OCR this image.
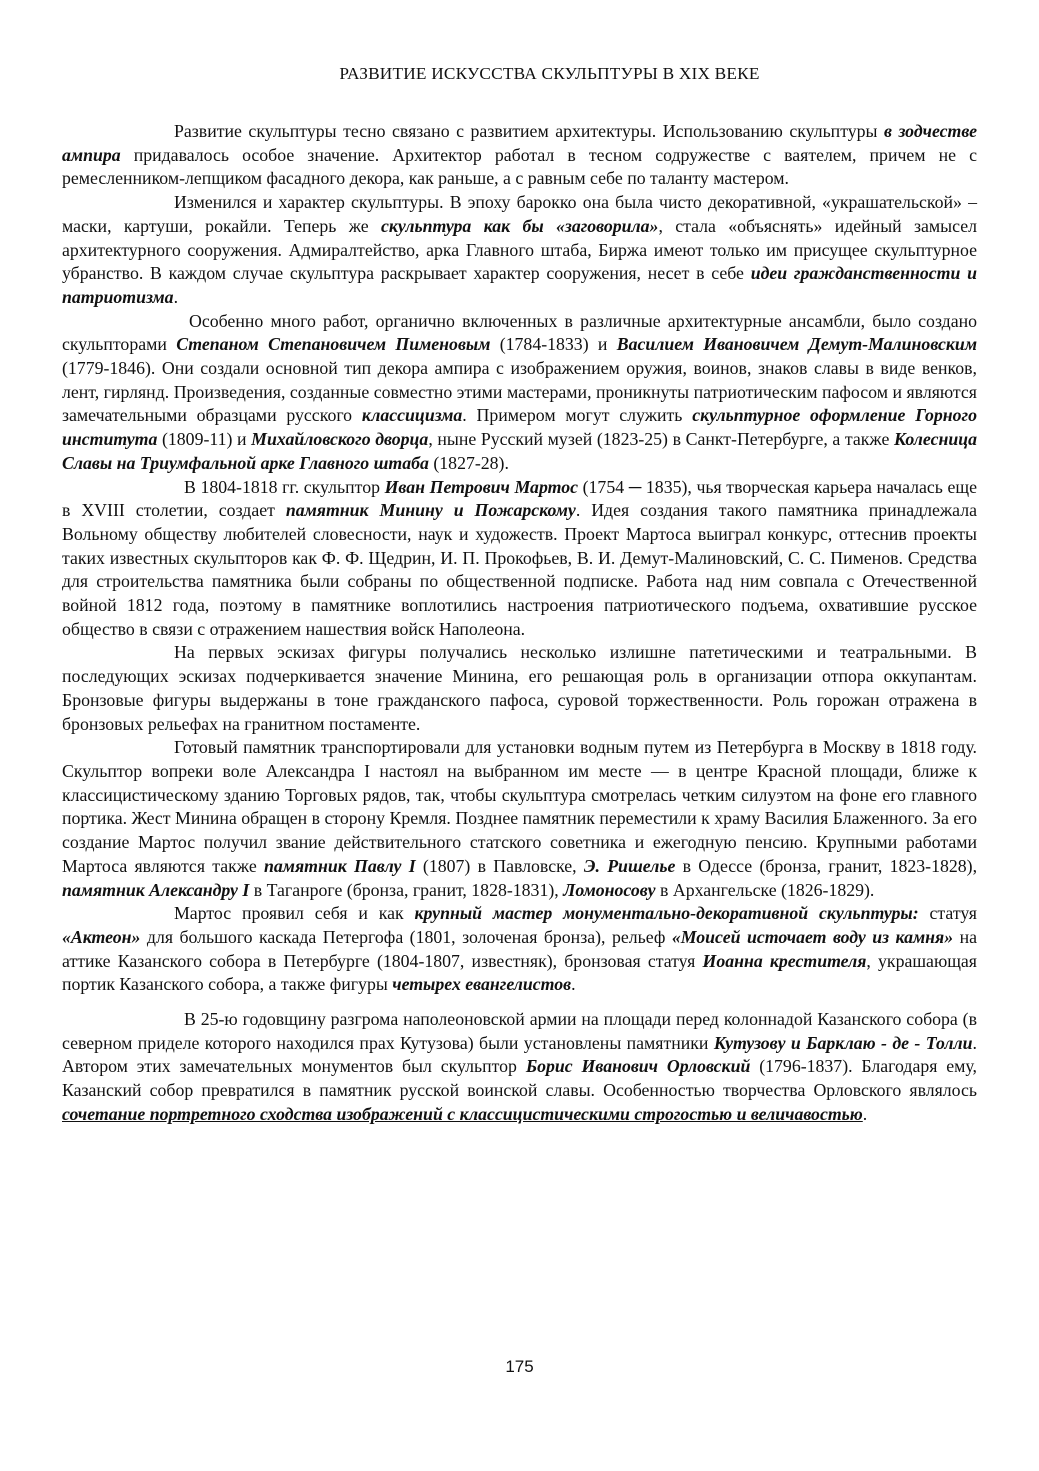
РАЗВИТИЕ ИСКУССТВА СКУЛЬПТУРЫ В XIX ВЕКЕ

Развитие скульптуры тесно связано с развитием архитектуры. Использованию скульптуры в зодчестве ампира придавалось особое значение. Архитектор работал в тесном содружестве с ваятелем, причем не с ремесленником-лепщиком фасадного декора, как раньше, а с равным себе по таланту мастером.

Изменился и характер скульптуры. В эпоху барокко она была чисто декоративной, «украшательской» – маски, картуши, рокайли. Теперь же скульптура как бы «заговорила», стала «объяснять» идейный замысел архитектурного сооружения. Адмиралтейство, арка Главного штаба, Биржа имеют только им присущее скульптурное убранство. В каждом случае скульптура раскрывает характер сооружения, несет в себе идеи гражданственности и патриотизма.

Особенно много работ, органично включенных в различные архитектурные ансамбли, было создано скульпторами Степаном Степановичем Пименовым (1784-1833) и Василием Ивановичем Демут-Малиновским (1779-1846). Они создали основной тип декора ампира с изображением оружия, воинов, знаков славы в виде венков, лент, гирлянд. Произведения, созданные совместно этими мастерами, проникнуты патриотическим пафосом и являются замечательными образцами русского классицизма. Примером могут служить скульптурное оформление Горного института (1809-11) и Михайловского дворца, ныне Русский музей (1823-25) в Санкт-Петербурге, а также Колесница Славы на Триумфальной арке Главного штаба (1827-28).

В 1804-1818 гг. скульптор Иван Петрович Мартос (1754 ─ 1835), чья творческая карьера началась еще в XVIII столетии, создает памятник Минину и Пожарскому. Идея создания такого памятника принадлежала Вольному обществу любителей словесности, наук и художеств. Проект Мартоса выиграл конкурс, оттеснив проекты таких известных скульпторов как Ф. Ф. Щедрин, И. П. Прокофьев, В. И. Демут-Малиновский, С. С. Пименов. Средства для строительства памятника были собраны по общественной подписке. Работа над ним совпала с Отечественной войной 1812 года, поэтому в памятнике воплотились настроения патриотического подъема, охватившие русское общество в связи с отражением нашествия войск Наполеона.

На первых эскизах фигуры получались несколько излишне патетическими и театральными. В последующих эскизах подчеркивается значение Минина, его решающая роль в организации отпора оккупантам. Бронзовые фигуры выдержаны в тоне гражданского пафоса, суровой торжественности. Роль горожан отражена в бронзовых рельефах на гранитном постаменте.

Готовый памятник транспортировали для установки водным путем из Петербурга в Москву в 1818 году. Скульптор вопреки воле Александра I настоял на выбранном им месте — в центре Красной площади, ближе к классицистическому зданию Торговых рядов, так, чтобы скульптура смотрелась четким силуэтом на фоне его главного портика. Жест Минина обращен в сторону Кремля. Позднее памятник переместили к храму Василия Блаженного. За его создание Мартос получил звание действительного статского советника и ежегодную пенсию. Крупными работами Мартоса являются также памятник Павлу I (1807) в Павловске, Э. Ришелье в Одессе (бронза, гранит, 1823-1828), памятник Александру I в Таганроге (бронза, гранит, 1828-1831), Ломоносову в Архангельске (1826-1829).

Мартос проявил себя и как крупный мастер монументально-декоративной скульптуры: статуя «Актеон» для большого каскада Петергофа (1801, золоченая бронза), рельеф «Моисей источает воду из камня» на аттике Казанского собора в Петербурге (1804-1807, известняк), бронзовая статуя Иоанна крестителя, украшающая портик Казанского собора, а также фигуры четырех евангелистов.

В 25-ю годовщину разгрома наполеоновской армии на площади перед колоннадой Казанского собора (в северном приделе которого находился прах Кутузова) были установлены памятники Кутузову и Барклаю - де - Толли. Автором этих замечательных монументов был скульптор Борис Иванович Орловский (1796-1837). Благодаря ему, Казанский собор превратился в памятник русской воинской славы. Особенностью творчества Орловского являлось сочетание портретного сходства изображений с классицистическими строгостью и величавостью.

175
